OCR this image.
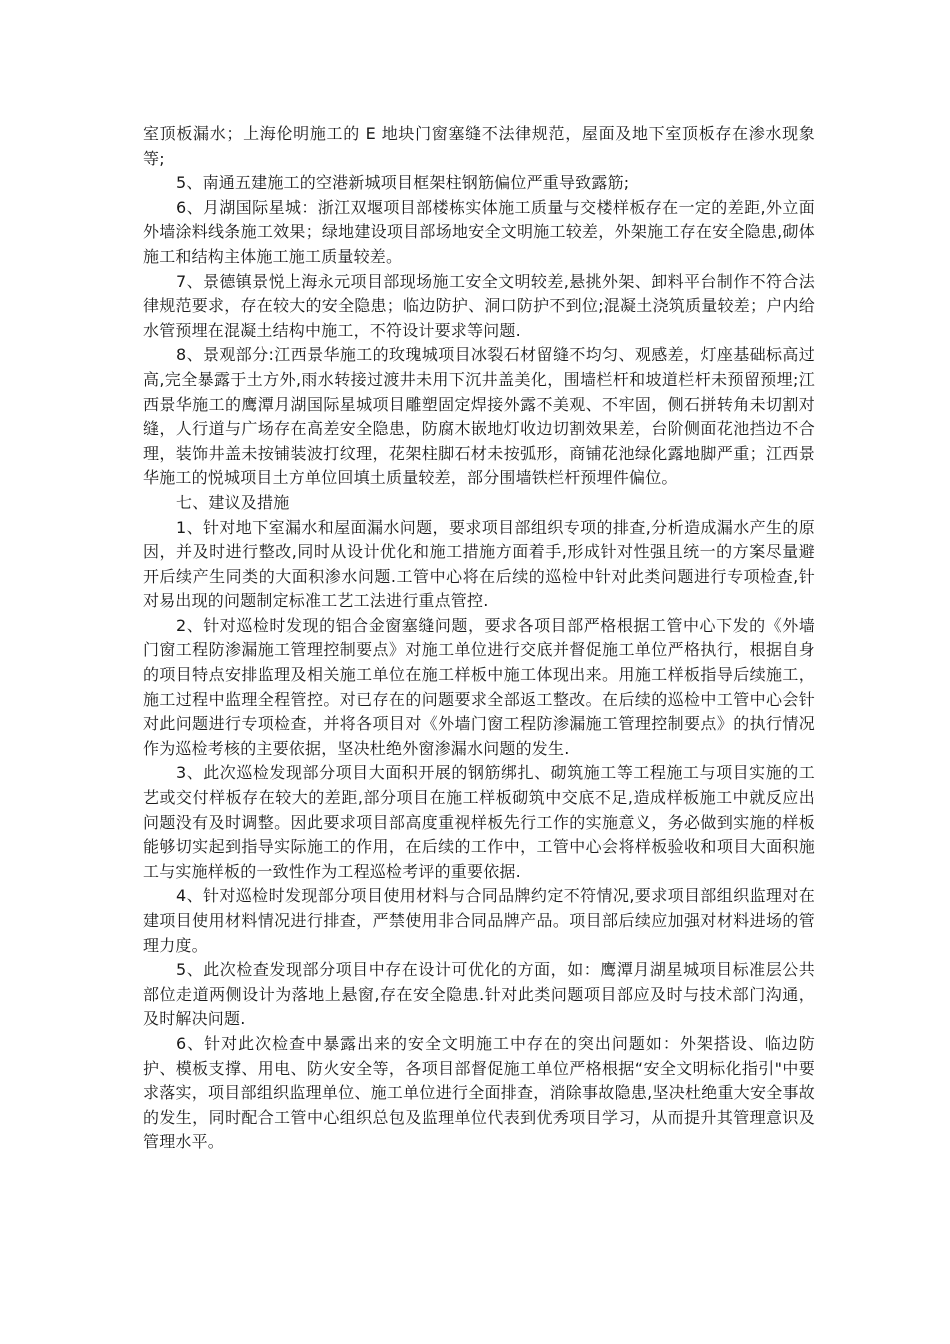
室顶板漏水；上海伦明施工的 E 地块门窗塞缝不法律规范，屋面及地下室顶板存在渗水现象等;

5、南通五建施工的空港新城项目框架柱钢筋偏位严重导致露筋;

6、月湖国际星城：浙江双堰项目部楼栋实体施工质量与交楼样板存在一定的差距,外立面外墙涂料线条施工效果；绿地建设项目部场地安全文明施工较差，外架施工存在安全隐患,砌体施工和结构主体施工施工质量较差。

7、景德镇景悦上海永元项目部现场施工安全文明较差,悬挑外架、卸料平台制作不符合法律规范要求，存在较大的安全隐患；临边防护、洞口防护不到位;混凝土浇筑质量较差；户内给水管预埋在混凝土结构中施工，不符设计要求等问题.

8、景观部分:江西景华施工的玫瑰城项目冰裂石材留缝不均匀、观感差，灯座基础标高过高,完全暴露于土方外,雨水转接过渡井未用下沉井盖美化，围墙栏杆和坡道栏杆未预留预埋;江西景华施工的鹰潭月湖国际星城项目雕塑固定焊接外露不美观、不牢固，侧石拼转角未切割对缝，人行道与广场存在高差安全隐患，防腐木嵌地灯收边切割效果差，台阶侧面花池挡边不合理，装饰井盖未按铺装波打纹理，花架柱脚石材未按弧形，商铺花池绿化露地脚严重；江西景华施工的悦城项目土方单位回填土质量较差，部分围墙铁栏杆预埋件偏位。

七、建议及措施

1、针对地下室漏水和屋面漏水问题，要求项目部组织专项的排查,分析造成漏水产生的原因，并及时进行整改,同时从设计优化和施工措施方面着手,形成针对性强且统一的方案尽量避开后续产生同类的大面积渗水问题.工管中心将在后续的巡检中针对此类问题进行专项检查,针对易出现的问题制定标准工艺工法进行重点管控.

2、针对巡检时发现的铝合金窗塞缝问题，要求各项目部严格根据工管中心下发的《外墙门窗工程防渗漏施工管理控制要点》对施工单位进行交底并督促施工单位严格执行，根据自身的项目特点安排监理及相关施工单位在施工样板中施工体现出来。用施工样板指导后续施工，施工过程中监理全程管控。对已存在的问题要求全部返工整改。在后续的巡检中工管中心会针对此问题进行专项检查，并将各项目对《外墙门窗工程防渗漏施工管理控制要点》的执行情况作为巡检考核的主要依据，坚决杜绝外窗渗漏水问题的发生.

3、此次巡检发现部分项目大面积开展的钢筋绑扎、砌筑施工等工程施工与项目实施的工艺或交付样板存在较大的差距,部分项目在施工样板砌筑中交底不足,造成样板施工中就反应出问题没有及时调整。因此要求项目部高度重视样板先行工作的实施意义，务必做到实施的样板能够切实起到指导实际施工的作用，在后续的工作中，工管中心会将样板验收和项目大面积施工与实施样板的一致性作为工程巡检考评的重要依据.

4、针对巡检时发现部分项目使用材料与合同品牌约定不符情况,要求项目部组织监理对在建项目使用材料情况进行排查，严禁使用非合同品牌产品。项目部后续应加强对材料进场的管理力度。

5、此次检查发现部分项目中存在设计可优化的方面，如：鹰潭月湖星城项目标准层公共部位走道两侧设计为落地上悬窗,存在安全隐患.针对此类问题项目部应及时与技术部门沟通，及时解决问题.

6、针对此次检查中暴露出来的安全文明施工中存在的突出问题如：外架搭设、临边防护、模板支撑、用电、防火安全等，各项目部督促施工单位严格根据“安全文明标化指引"中要求落实，项目部组织监理单位、施工单位进行全面排查，消除事故隐患,坚决杜绝重大安全事故的发生，同时配合工管中心组织总包及监理单位代表到优秀项目学习，从而提升其管理意识及管理水平。
